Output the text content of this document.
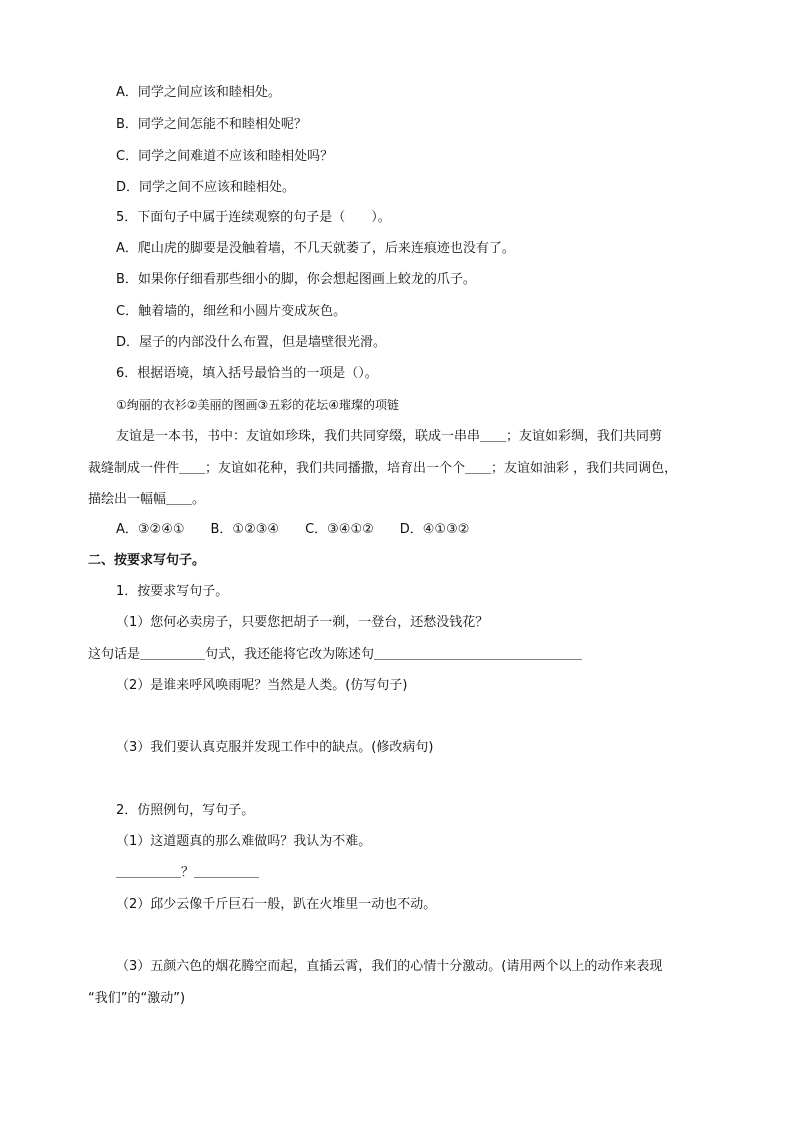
A．同学之间应该和睦相处。
B．同学之间怎能不和睦相处呢？
C．同学之间难道不应该和睦相处吗？
D．同学之间不应该和睦相处。
5．下面句子中属于连续观察的句子是（　　）。
A．爬山虎的脚要是没触着墙，不几天就萎了，后来连痕迹也没有了。
B．如果你仔细看那些细小的脚，你会想起图画上蛟龙的爪子。
C．触着墙的，细丝和小圆片变成灰色。
D．屋子的内部没什么布置，但是墙壁很光滑。
6．根据语境，填入括号最恰当的一项是（）。
①绚丽的衣衫②美丽的图画③五彩的花坛④璀璨的项链
友谊是一本书，书中：友谊如珍珠，我们共同穿缀，联成一串串＿＿；友谊如彩绸，我们共同剪
裁缝制成一件件＿＿；友谊如花种，我们共同播撒，培育出一个个＿＿；友谊如油彩 ，我们共同调色，
描绘出一幅幅＿＿。
A．③②④① B．①②③④ C．③④①② D．④①③②
二、按要求写句子。
1．按要求写句子。
（1）您何必卖房子，只要您把胡子一剃，一登台，还愁没钱花？
这句话是＿＿＿＿＿句式，我还能将它改为陈述句＿＿＿＿＿＿＿＿＿＿＿＿＿＿＿＿
（2）是谁来呼风唤雨呢？当然是人类。(仿写句子)
（3）我们要认真克服并发现工作中的缺点。(修改病句)
2．仿照例句，写句子。
（1）这道题真的那么难做吗？我认为不难。
＿＿＿＿＿？＿＿＿＿＿
（2）邱少云像千斤巨石一般，趴在火堆里一动也不动。
（3）五颜六色的烟花腾空而起，直插云霄，我们的心情十分激动。(请用两个以上的动作来表现
“我们”的“激动”)
